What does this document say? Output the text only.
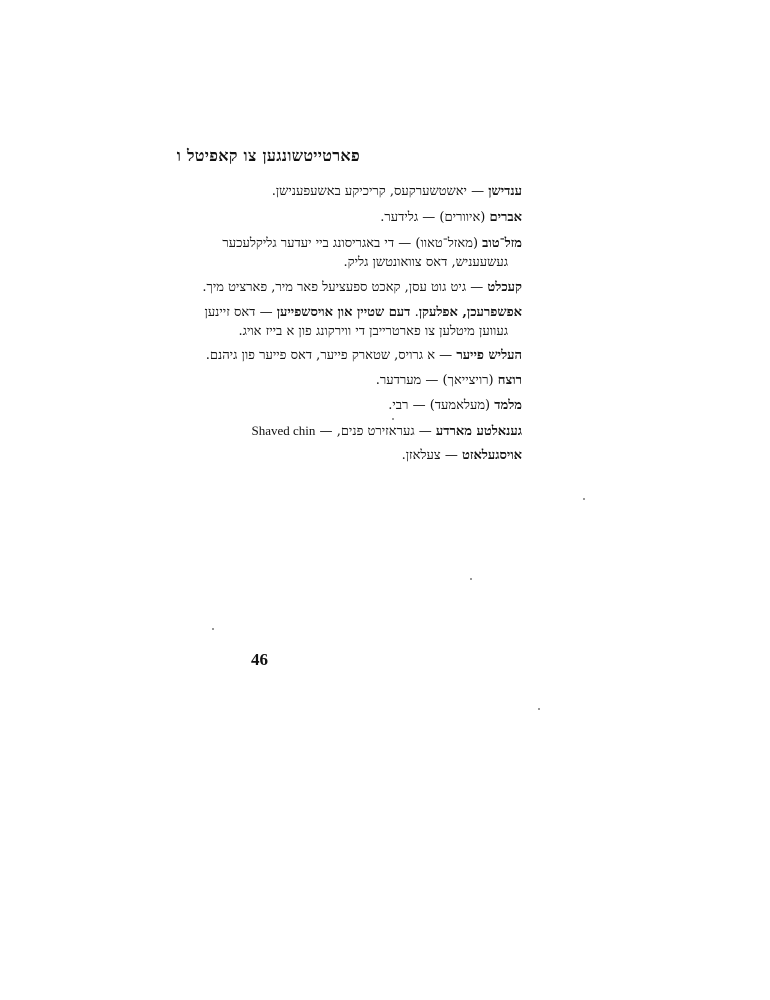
פארטייטשונגען צו קאפיטל ו
ענדישן — יאשטשערקעס, קריכיקע באשעפענישן.
אברים (איוורים) — גלידער.
מזל־טוב (מאזל־טאוו) — די באגריסונג ביי יעדער גליקלעכער
געשעעניש, דאס צוואונטשן גליק.
קעכלט — גיט גוט עסן, קאכט ספעציעל פאר מיר, פארציט מיך.
אפשפרעכן, אפלעקן. דעם שטיין און אויסשפייען — דאס זיינען
געווען מיטלען צו פארטרייבן די ווירקונג פון א בייז אויג.
העליש פייער — א גרויס, שטארק פייער, דאס פייער פון גיהנם.
רוצח (רויצייאך) — מערדער.
מלמד (מעלאמעד) — רבי.
גענאלטע מארדע — געראזירט פנים, — Shaved chin
אויסגעלאזט — צעלאזן.
46
